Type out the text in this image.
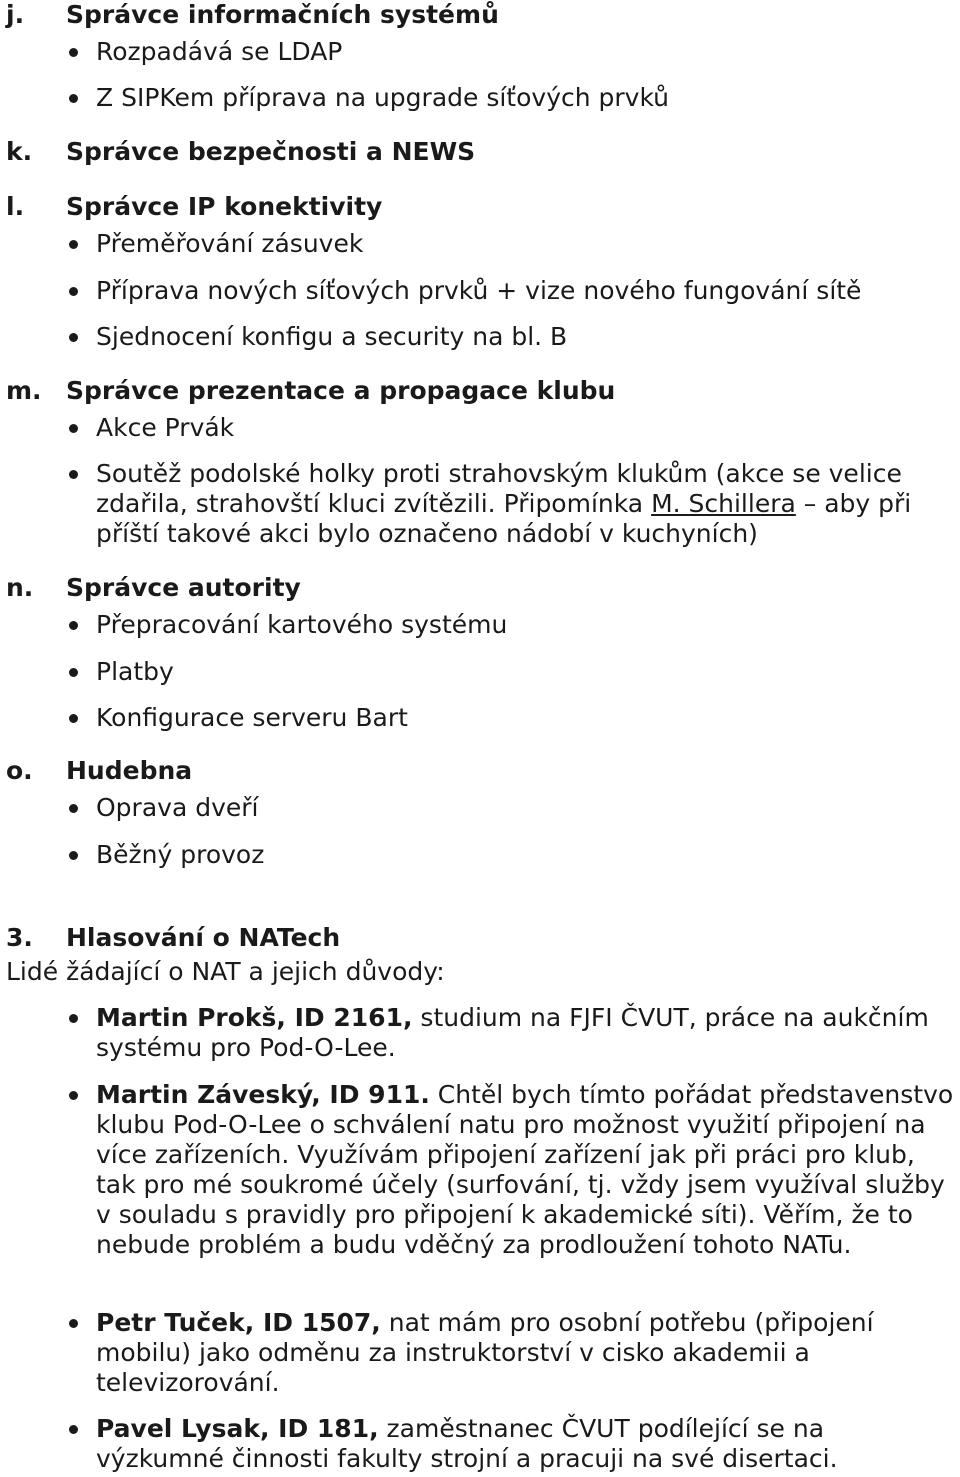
j. Správce informačních systémů
Rozpadává se LDAP
Z SIPKem příprava na upgrade síťových prvků
k. Správce bezpečnosti a NEWS
l. Správce IP konektivity
Přeměřování zásuvek
Příprava nových síťových prvků + vize nového fungování sítě
Sjednocení konfigu a security na bl. B
m. Správce prezentace a propagace klubu
Akce Prvák
Soutěž podolské holky proti strahovským klukům (akce se velice
zdařila, strahovští kluci zvítězili. Připomínka M. Schillera – aby při
příští takové akci bylo označeno nádobí v kuchyních)
n. Správce autority
Přepracování kartového systému
Platby
Konfigurace serveru Bart
o. Hudebna
Oprava dveří
Běžný provoz
3. Hlasování o NATech
Lidé žádající o NAT a jejich důvody:
Martin Prokš, ID 2161, studium na FJFI ČVUT, práce na aukčním systému pro Pod-O-Lee.
Martin Záveský, ID 911. Chtěl bych tímto pořádat představenstvo klubu Pod-O-Lee o schválení natu pro možnost využití připojení na více zařízeních. Využívám připojení zařízení jak při práci pro klub, tak pro mé soukromé účely (surfování, tj. vždy jsem využíval služby v souladu s pravidly pro připojení k akademické síti). Věřím, že to nebude problém a budu vděčný za prodloužení tohoto NATu.
Petr Tuček, ID 1507, nat mám pro osobní potřebu (připojení mobilu) jako odměnu za instruktorství v cisko akademii a televizorování.
Pavel Lysak, ID 181, zaměstnanec ČVUT podílející se na výzkumné činnosti fakulty strojní a pracuji na své disertaci.
